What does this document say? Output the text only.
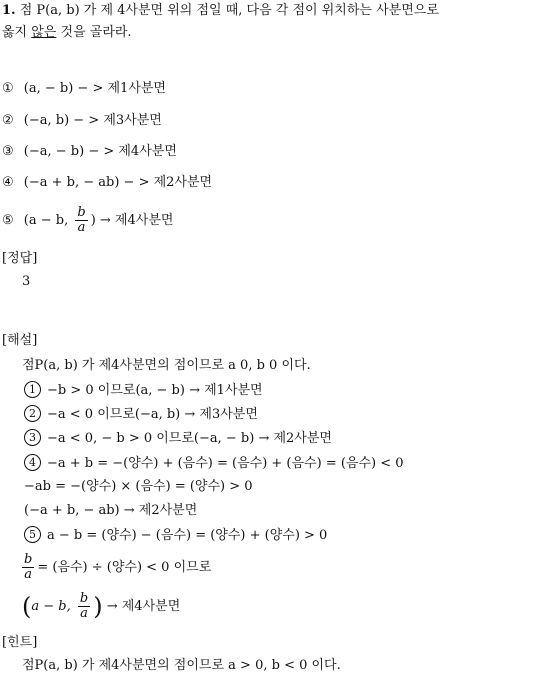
1. 점 P(a, b) 가 제 4사분면 위의 점일 때, 다음 각 점이 위치하는 사분면으로
옳지 않은 것을 골라라.
① (a, − b) − > 제1사분면
② (−a, b) − > 제3사분면
③ (−a, − b) − > 제4사분면
④ (−a + b, − ab) − > 제2사분면
⑤ (a − b, $\frac{b}{a}$ ) → 제4사분면
[정답]
3
[해설]
점P(a, b) 가 제4사분면의 점이므로 a 0, b 0 이다.
1 −b > 0 이므로(a, − b) → 제1사분면
2 −a < 0 이므로(−a, b) → 제3사분면
3 −a < 0, − b > 0 이므로(−a, − b) → 제2사분면
4 −a + b = −(양수) + (음수) = (음수) + (음수) = (음수) < 0
−ab = −(양수) × (음수) = (양수) > 0
(−a + b, − ab) → 제2사분면
5 a − b = (양수) − (음수) = (양수) + (양수) > 0
$\frac{b}{a}$ = (음수) ÷ (양수) < 0 이므로
(a − b, $\frac{b}{a}$ ) → 제4사분면
[힌트]
점P(a, b) 가 제4사분면의 점이므로 a > 0, b < 0 이다.
